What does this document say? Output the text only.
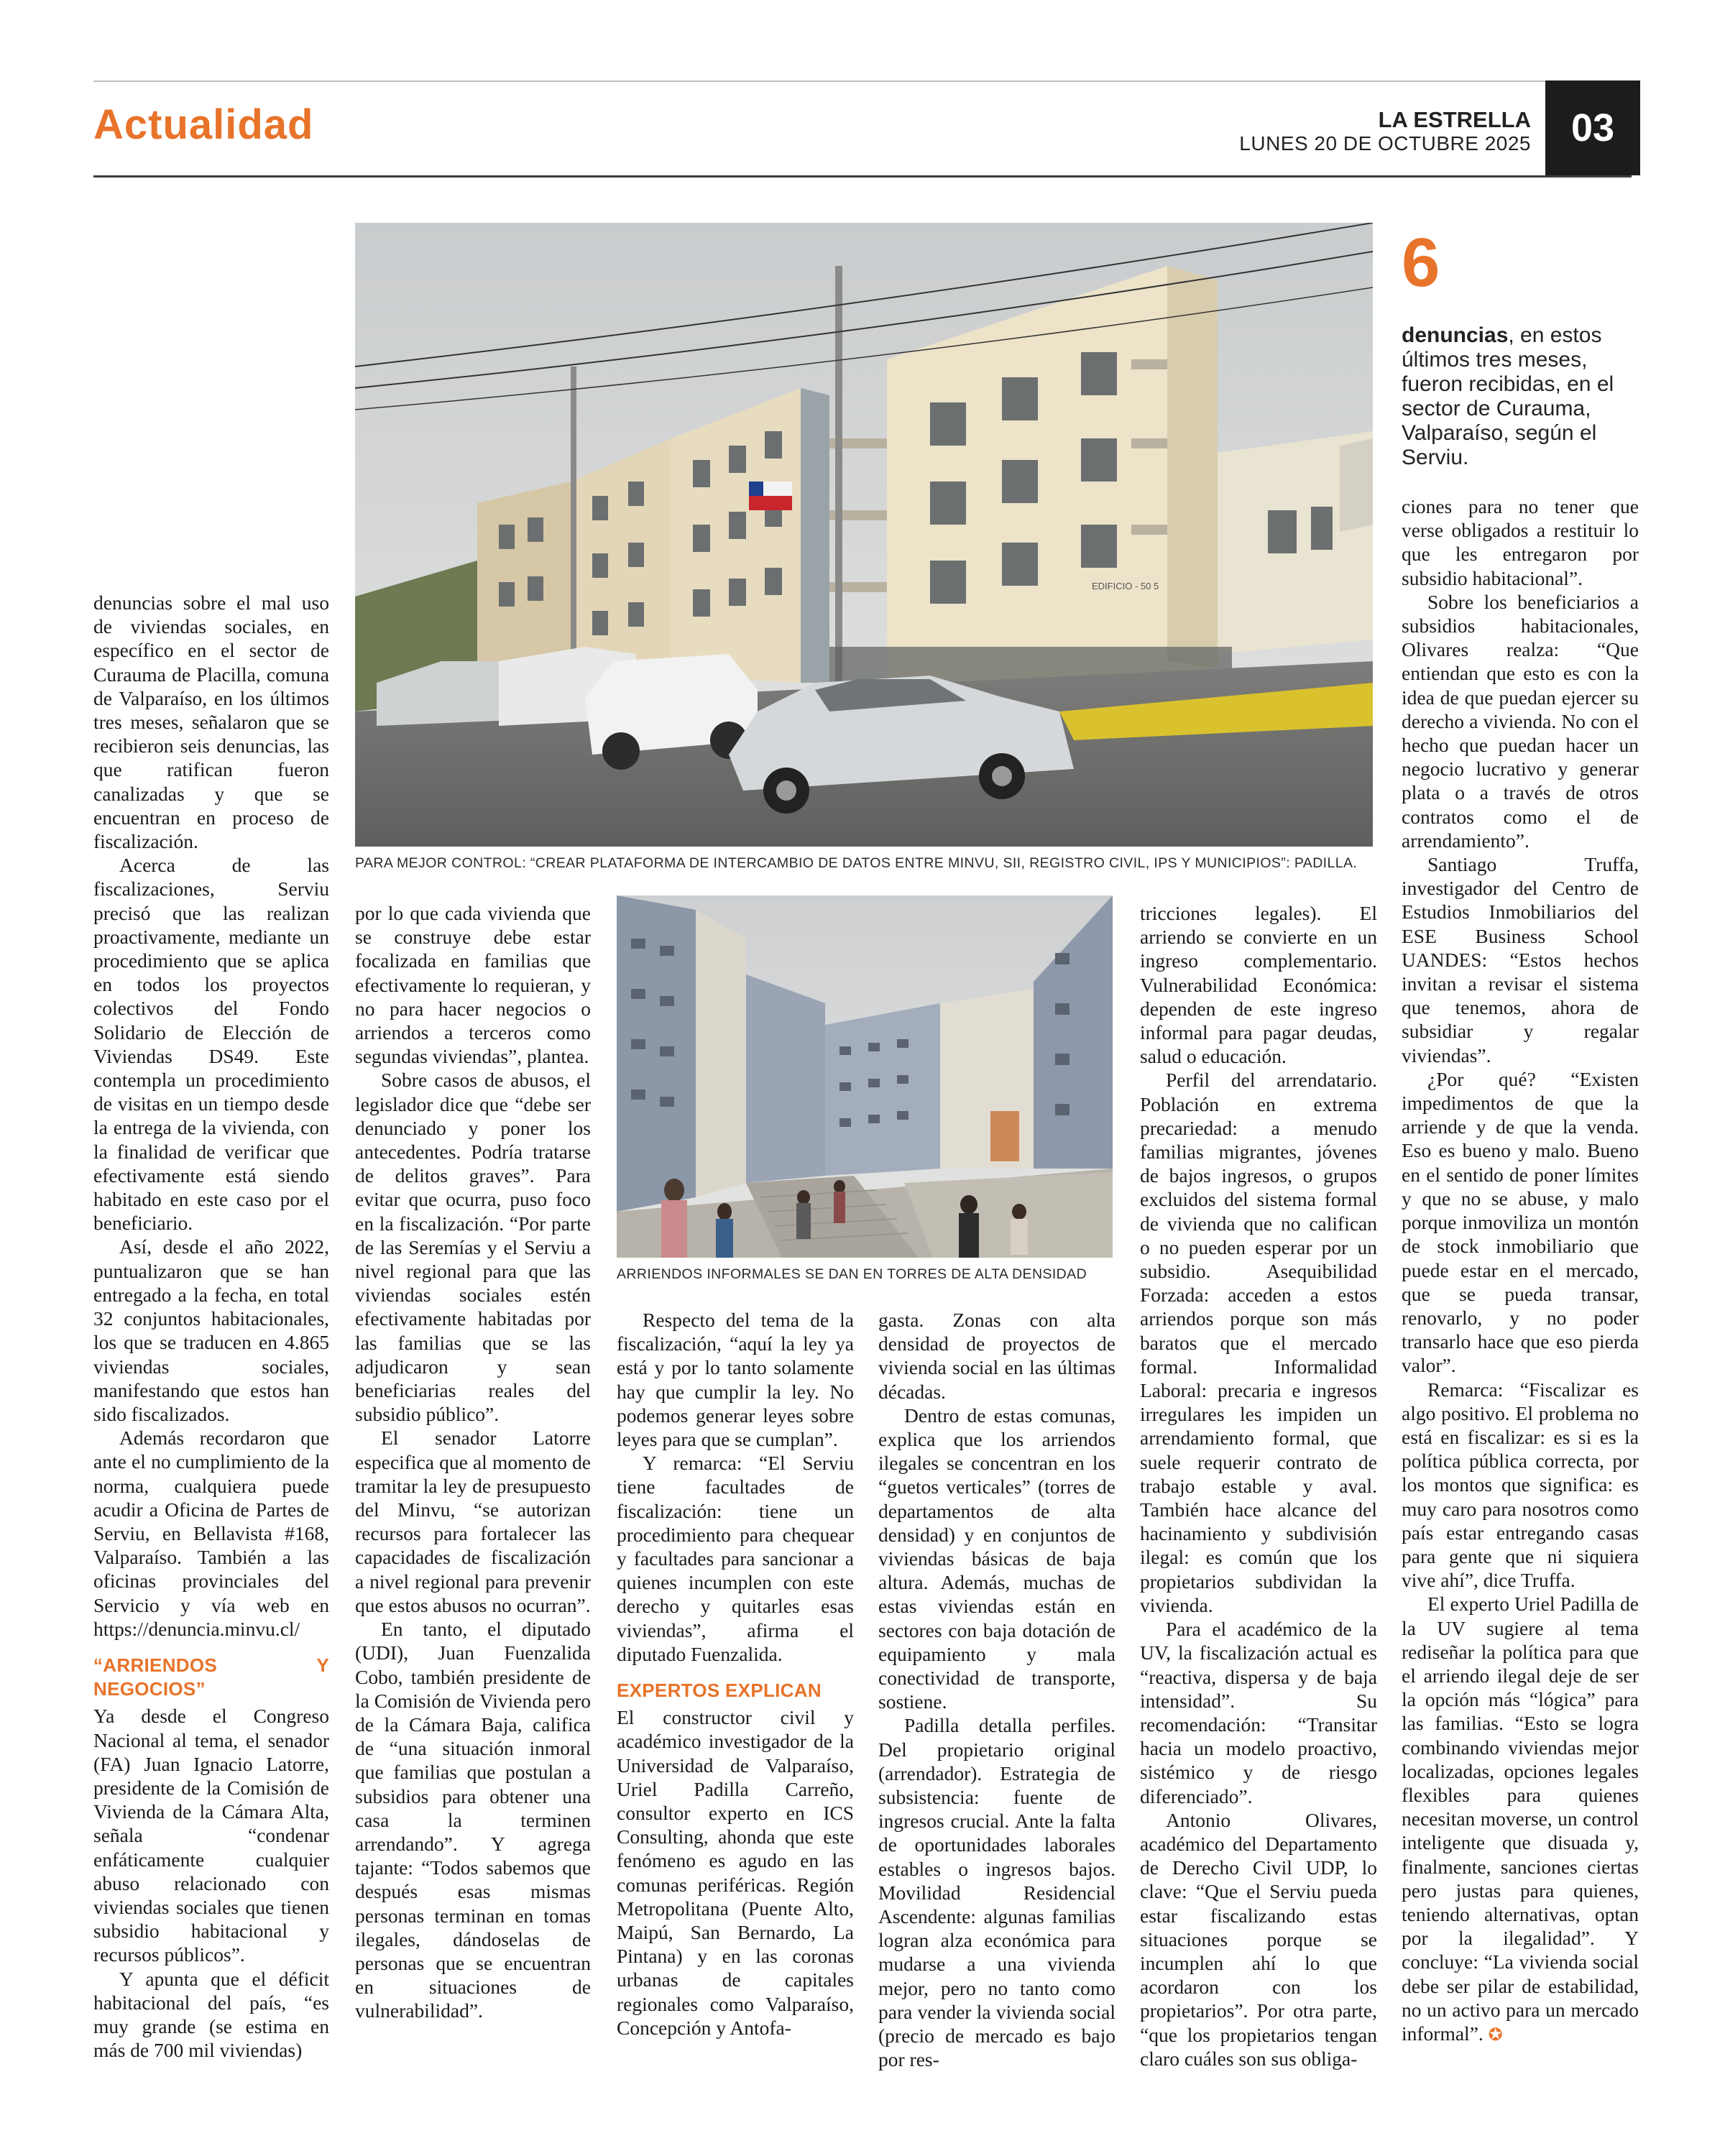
Actualidad	LA ESTRELLA
LUNES 20 DE OCTUBRE 2025	03
EDIFICIO - 50 5
PARA MEJOR CONTROL: “CREAR PLATAFORMA DE INTERCAMBIO DE DATOS ENTRE MINVU, SII, REGISTRO CIVIL, IPS Y MUNICIPIOS”: PADILLA.
6
denuncias, en estos últimos tres meses, fueron recibidas, en el sector de Curauma, Valparaíso, según el Serviu.
ARRIENDOS INFORMALES SE DAN EN TORRES DE ALTA DENSIDAD

denuncias sobre el mal uso de viviendas sociales, en específico en el sector de Curauma de Placilla, comuna de Valparaíso, en los últimos tres meses, señalaron que se recibieron seis denuncias, las que ratifican fueron canalizadas y que se encuentran en proceso de fiscalización.

Acerca de las fiscalizaciones, Serviu precisó que las realizan proactivamente, mediante un procedimiento que se aplica en todos los proyectos colectivos del Fondo Solidario de Elección de Viviendas DS49. Este contempla un procedimiento de visitas en un tiempo desde la entrega de la vivienda, con la finalidad de verificar que efectivamente está siendo habitado en este caso por el beneficiario.

Así, desde el año 2022, puntualizaron que se han entregado a la fecha, en total 32 conjuntos habitacionales, los que se traducen en 4.865 viviendas sociales, manifestando que estos han sido fiscalizados.

Además recordaron que ante el no cumplimiento de la norma, cualquiera puede acudir a Oficina de Partes de Serviu, en Bellavista #168, Valparaíso. También a las oficinas provinciales del Servicio y vía web en https://denuncia.minvu.cl/

“ARRIENDOS Y NEGOCIOS”

Ya desde el Congreso Nacional al tema, el senador (FA) Juan Ignacio Latorre, presidente de la Comisión de Vivienda de la Cámara Alta, señala “condenar enfáticamente cualquier abuso relacionado con viviendas sociales que tienen subsidio habitacional y recursos públicos”.

Y apunta que el déficit habitacional del país, “es muy grande (se estima en más de 700 mil viviendas)

por lo que cada vivienda que se construye debe estar focalizada en familias que efectivamente lo requieran, y no para hacer negocios o arriendos a terceros como segundas viviendas”, plantea.

Sobre casos de abusos, el legislador dice que “debe ser denunciado y poner los antecedentes. Podría tratarse de delitos graves”. Para evitar que ocurra, puso foco en la fiscalización. “Por parte de las Seremías y el Serviu a nivel regional para que las viviendas sociales estén efectivamente habitadas por las familias que se las adjudicaron y sean beneficiarias reales del subsidio público”.

El senador Latorre especifica que al momento de tramitar la ley de presupuesto del Minvu, “se autorizan recursos para fortalecer las capacidades de fiscalización a nivel regional para prevenir que estos abusos no ocurran”.

En tanto, el diputado (UDI), Juan Fuenzalida Cobo, también presidente de la Comisión de Vivienda pero de la Cámara Baja, califica de “una situación inmoral que familias que postulan a subsidios para obtener una casa la terminen arrendando”. Y agrega tajante: “Todos sabemos que después esas mismas personas terminan en tomas ilegales, dándoselas de personas que se encuentran en situaciones de vulnerabilidad”.

Respecto del tema de la fiscalización, “aquí la ley ya está y por lo tanto solamente hay que cumplir la ley. No podemos generar leyes sobre leyes para que se cumplan”.

Y remarca: “El Serviu tiene facultades de fiscalización: tiene un procedimiento para chequear y facultades para sancionar a quienes incumplen con este derecho y quitarles esas viviendas”, afirma el diputado Fuenzalida.

EXPERTOS EXPLICAN

El constructor civil y académico investigador de la Universidad de Valparaíso, Uriel Padilla Carreño, consultor experto en ICS Consulting, ahonda que este fenómeno es agudo en las comunas periféricas. Región Metropolitana (Puente Alto, Maipú, San Bernardo, La Pintana) y en las coronas urbanas de capitales regionales como Valparaíso, Concepción y Antofa-

gasta. Zonas con alta densidad de proyectos de vivienda social en las últimas décadas.

Dentro de estas comunas, explica que los arriendos ilegales se concentran en los “guetos verticales” (torres de departamentos de alta densidad) y en conjuntos de viviendas básicas de baja altura. Además, muchas de estas viviendas están en sectores con baja dotación de equipamiento y mala conectividad de transporte, sostiene.

Padilla detalla perfiles. Del propietario original (arrendador). Estrategia de subsistencia: fuente de ingresos crucial. Ante la falta de oportunidades laborales estables o ingresos bajos. Movilidad Residencial Ascendente: algunas familias logran alza económica para mudarse a una vivienda mejor, pero no tanto como para vender la vivienda social (precio de mercado es bajo por res-

tricciones legales). El arriendo se convierte en un ingreso complementario. Vulnerabilidad Económica: dependen de este ingreso informal para pagar deudas, salud o educación.

Perfil del arrendatario. Población en extrema precariedad: a menudo familias migrantes, jóvenes de bajos ingresos, o grupos excluidos del sistema formal de vivienda que no califican o no pueden esperar por un subsidio. Asequibilidad Forzada: acceden a estos arriendos porque son más baratos que el mercado formal. Informalidad Laboral: precaria e ingresos irregulares les impiden un arrendamiento formal, que suele requerir contrato de trabajo estable y aval. También hace alcance del hacinamiento y subdivisión ilegal: es común que los propietarios subdividan la vivienda.

Para el académico de la UV, la fiscalización actual es “reactiva, dispersa y de baja intensidad”. Su recomendación: “Transitar hacia un modelo proactivo, sistémico y de riesgo diferenciado”.

Antonio Olivares, académico del Departamento de Derecho Civil UDP, lo clave: “Que el Serviu pueda estar fiscalizando estas situaciones porque se incumplen ahí lo que acordaron con los propietarios”. Por otra parte, “que los propietarios tengan claro cuáles son sus obliga-

ciones para no tener que verse obligados a restituir lo que les entregaron por subsidio habitacional”.

Sobre los beneficiarios a subsidios habitacionales, Olivares realza: “Que entiendan que esto es con la idea de que puedan ejercer su derecho a vivienda. No con el hecho que puedan hacer un negocio lucrativo y generar plata o a través de otros contratos como el de arrendamiento”.

Santiago Truffa, investigador del Centro de Estudios Inmobiliarios del ESE Business School UANDES: “Estos hechos invitan a revisar el sistema que tenemos, ahora de subsidiar y regalar viviendas”.

¿Por qué? “Existen impedimentos de que la arriende y de que la venda. Eso es bueno y malo. Bueno en el sentido de poner límites y que no se abuse, y malo porque inmoviliza un montón de stock inmobiliario que puede estar en el mercado, que se pueda transar, renovarlo, y no poder transarlo hace que eso pierda valor”.

Remarca: “Fiscalizar es algo positivo. El problema no está en fiscalizar: es si es la política pública correcta, por los montos que significa: es muy caro para nosotros como país estar entregando casas para gente que ni siquiera vive ahí”, dice Truffa.

El experto Uriel Padilla de la UV sugiere al tema rediseñar la política para que el arriendo ilegal deje de ser la opción más “lógica” para las familias. “Esto se logra combinando viviendas mejor localizadas, opciones legales flexibles para quienes necesitan moverse, un control inteligente que disuada y, finalmente, sanciones ciertas pero justas para quienes, teniendo alternativas, optan por la ilegalidad”. Y concluye: “La vivienda social debe ser pilar de estabilidad, no un activo para un mercado informal”. ✪
